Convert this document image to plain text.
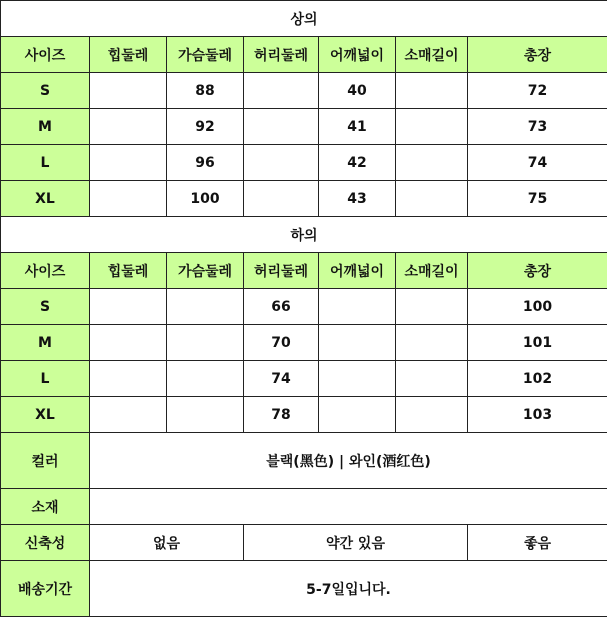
상의						
사이즈	힙둘레	가슴둘레	허리둘레	어깨넓이	소매길이	총장
S		88		40		72
M		92		41		73
L		96		42		74
XL		100		43		75
하의						
사이즈	힙둘레	가슴둘레	허리둘레	어깨넓이	소매길이	총장
S			66			100
M			70			101
L			74			102
XL			78			103
컬러	블랙(黑色) | 와인(酒红色)					
소재						
신축성	없음		약간 있음			좋음
배송기간	5-7일입니다.					
